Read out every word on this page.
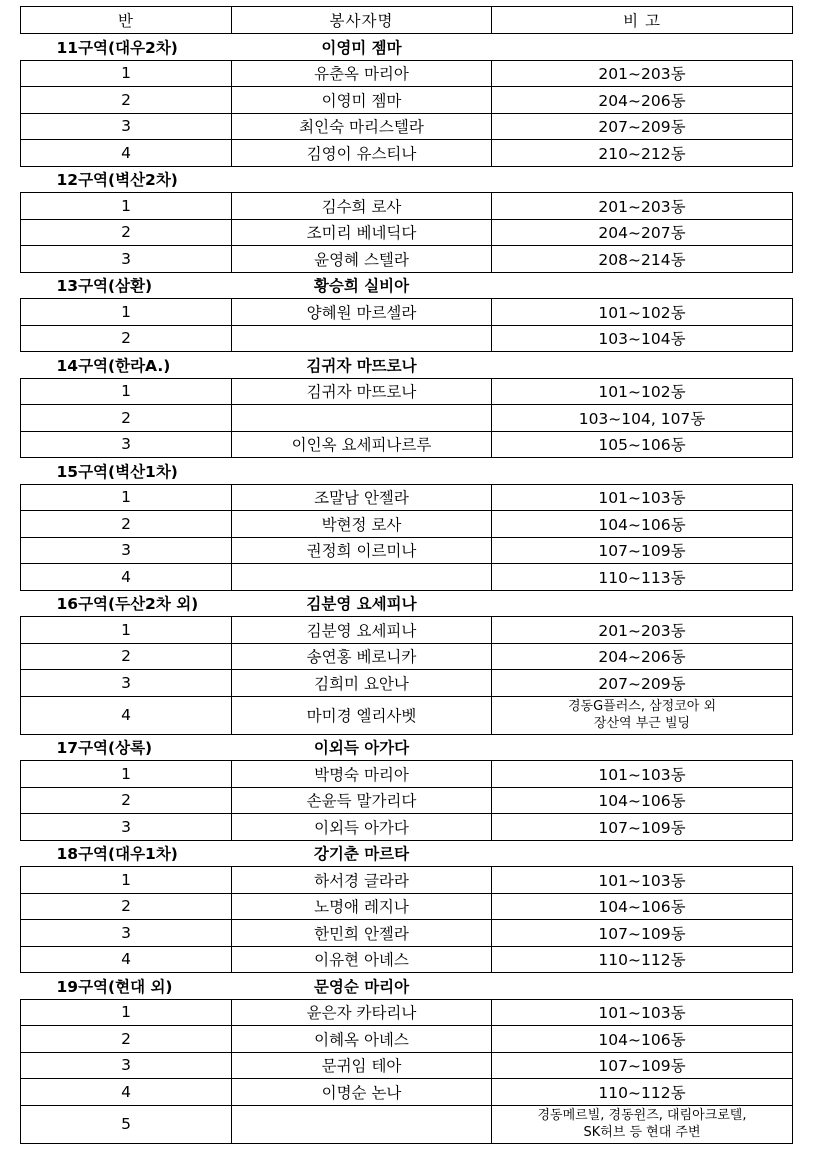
반	봉사자명	비 고
11구역(대우2차)	이영미 젬마	
1	유춘옥 마리아	201~203동
2	이영미 젬마	204~206동
3	최인숙 마리스텔라	207~209동
4	김영이 유스티나	210~212동
12구역(벽산2차)		
1	김수희 로사	201~203동
2	조미리 베네딕다	204~207동
3	윤영혜 스텔라	208~214동
13구역(삼환)	황승희 실비아	
1	양혜원 마르셀라	101~102동
2		103~104동
14구역(한라A.)	김귀자 마뜨로나	
1	김귀자 마뜨로나	101~102동
2		103~104, 107동
3	이인옥 요세피나르루	105~106동
15구역(벽산1차)		
1	조말남 안젤라	101~103동
2	박현정 로사	104~106동
3	권정희 이르미나	107~109동
4		110~113동
16구역(두산2차 외)	김분영 요세피나	
1	김분영 요세피나	201~203동
2	송연홍 베로니카	204~206동
3	김희미 요안나	207~209동
4	마미경 엘리사벳	경동G플러스, 삼정코아 외
장산역 부근 빌딩

17구역(상록)	이외득 아가다	
1	박명숙 마리아	101~103동
2	손윤득 말가리다	104~106동
3	이외득 아가다	107~109동
18구역(대우1차)	강기춘 마르타	
1	하서경 글라라	101~103동
2	노명애 레지나	104~106동
3	한민희 안젤라	107~109동
4	이유현 아녜스	110~112동
19구역(현대 외)	문영순 마리아	
1	윤은자 카타리나	101~103동
2	이혜옥 아녜스	104~106동
3	문귀임 테아	107~109동
4	이명순 논나	110~112동
5		경동메르빌, 경동윈즈, 대림아크로텔,
SK허브 등 현대 주변
